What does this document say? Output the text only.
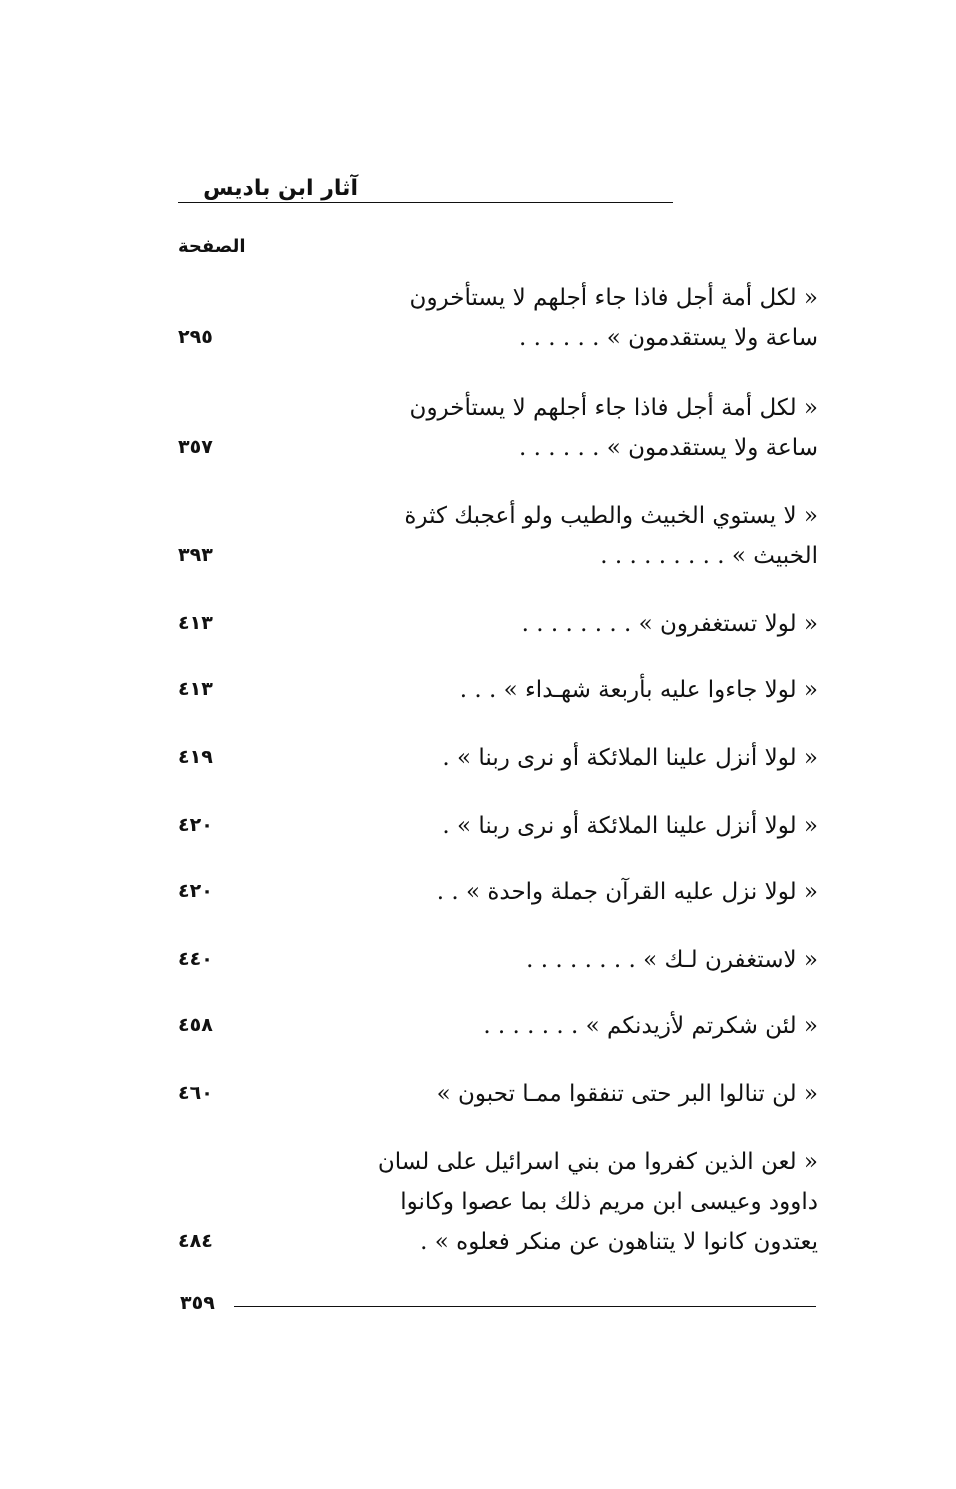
آثار ابن باديس
الصفحة
« لكل أمة أجل فاذا جاء أجلهم لا يستأخرون
ساعة ولا يستقدمون » . . . . . .
٢٩٥
« لكل أمة أجل فاذا جاء أجلهم لا يستأخرون
ساعة ولا يستقدمون » . . . . . .
٣٥٧
« لا يستوي الخبيث والطيب ولو أعجبك كثرة
الخبيث » . . . . . . . . .
٣٩٣
« لولا تستغفرون » . . . . . . . .
٤١٣
« لولا جاءوا عليه بأربعة شهـداء » . . .
٤١٣
« لولا أنزل علينا الملائكة أو نرى ربنا » .
٤١٩
« لولا أنزل علينا الملائكة أو نرى ربنا » .
٤٢٠
« لولا نزل عليه القرآن جملة واحدة » . .
٤٢٠
« لاستغفرن لـك » . . . . . . . .
٤٤٠
« لئن شكرتم لأزيدنكم » . . . . . . .
٤٥٨
« لن تنالوا البر حتى تنفقوا ممـا تحبون »
٤٦٠
« لعن الذين كفروا من بني اسرائيل على لسان
داوود وعيسى ابن مريم ذلك بما عصوا وكانوا
يعتدون كانوا لا يتناهون عن منكر فعلوه » .
٤٨٤
٣٥٩
